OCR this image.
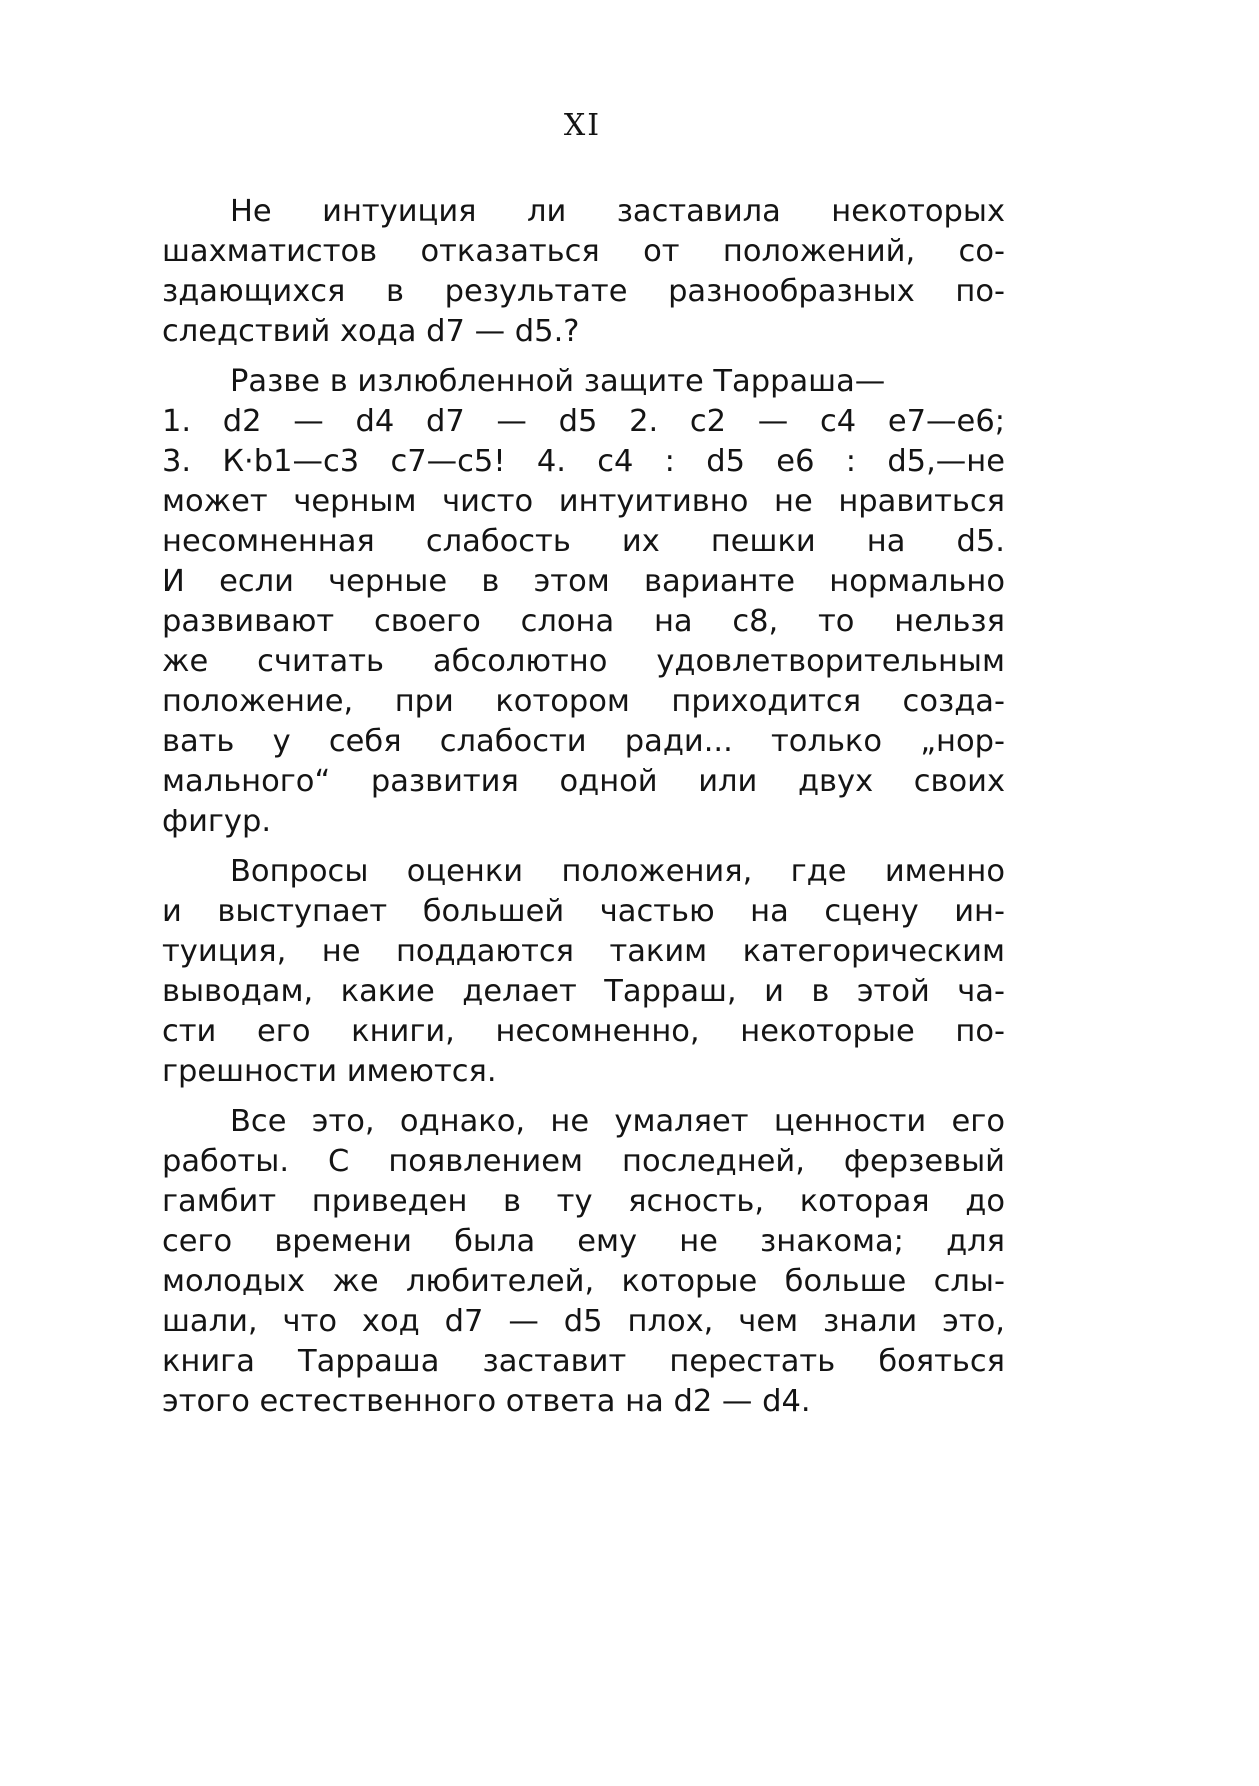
XI
Не интуиция ли заставила некоторых
шахматистов отказаться от положений, со-
здающихся в результате разнообразных по-
следствий хода d7 — d5.?
Разве в излюбленной защите Тарраша—
1. d2 — d4 d7 — d5 2. c2 — c4 e7—e6;
3. К·b1—c3 c7—c5! 4. c4 : d5 e6 : d5,—не
может черным чисто интуитивно не нравиться
несомненная слабость их пешки на d5.
И если черные в этом варианте нормально
развивают своего слона на c8, то нельзя
же считать абсолютно удовлетворительным
положение, при котором приходится созда-
вать у себя слабости ради... только „нор-
мального“ развития одной или двух своих
фигур.
Вопросы оценки положения, где именно
и выступает большей частью на сцену ин-
туиция, не поддаются таким категорическим
выводам, какие делает Тарраш, и в этой ча-
сти его книги, несомненно, некоторые по-
грешности имеются.
Все это, однако, не умаляет ценности его
работы. С появлением последней, ферзевый
гамбит приведен в ту ясность, которая до
сего времени была ему не знакома; для
молодых же любителей, которые больше слы-
шали, что ход d7 — d5 плох, чем знали это,
книга Тарраша заставит перестать бояться
этого естественного ответа на d2 — d4.
